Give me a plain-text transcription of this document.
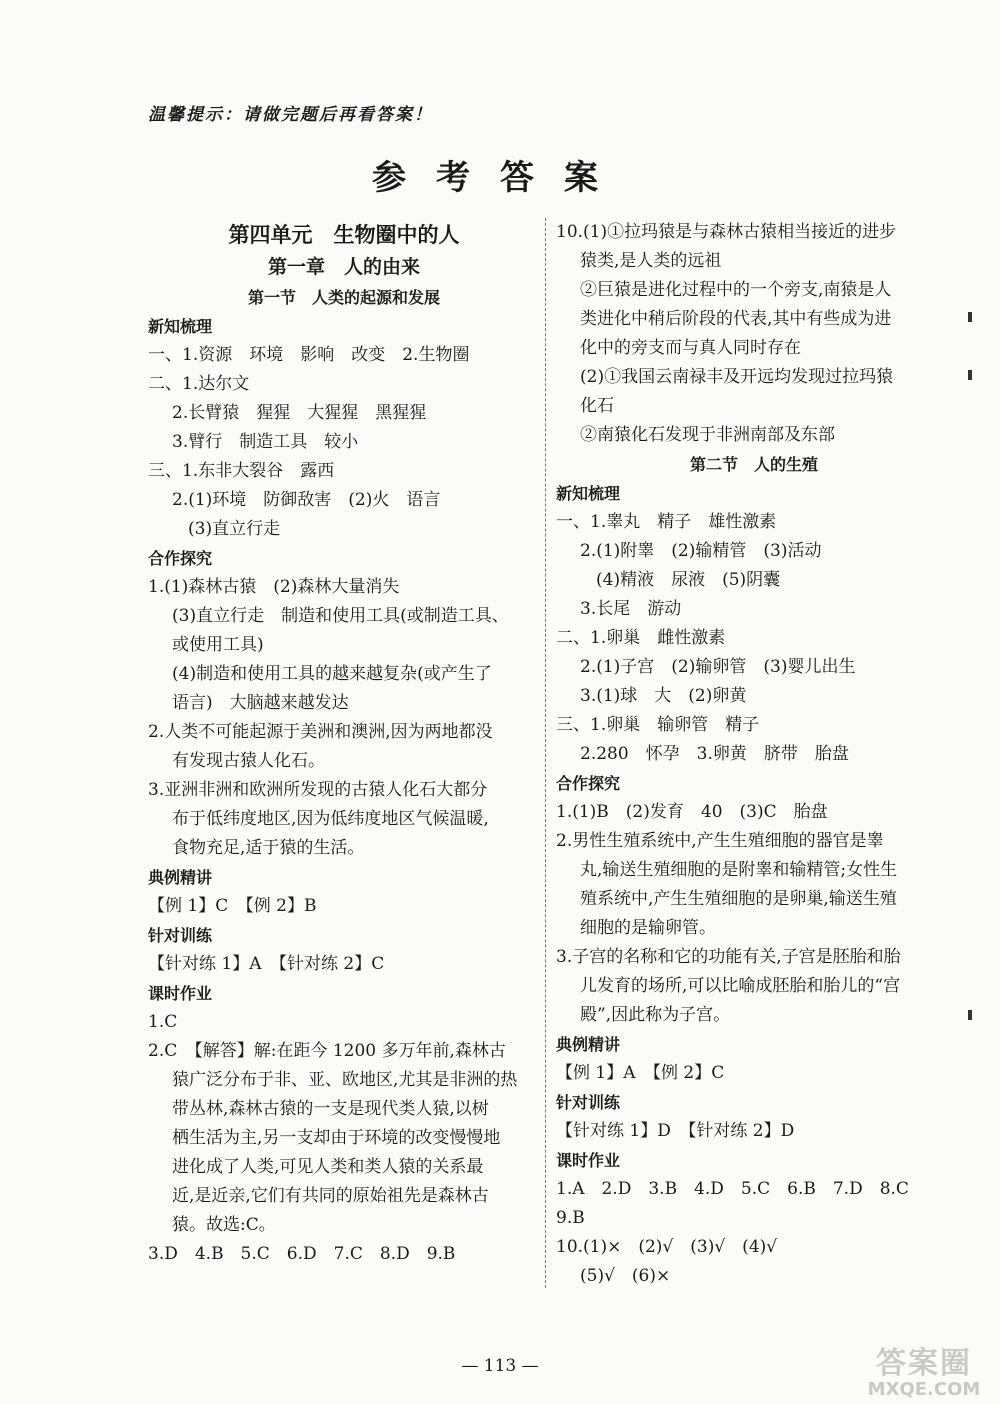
温馨提示：请做完题后再看答案！
参考答案
第四单元　生物圈中的人
第一章　人的由来
第一节　人类的起源和发展
新知梳理
一、1.资源　环境　影响　改变　2.生物圈
二、1.达尔文
2.长臂猿　猩猩　大猩猩　黑猩猩
3.臂行　制造工具　较小
三、1.东非大裂谷　露西
2.(1)环境　防御敌害　(2)火　语言
(3)直立行走
合作探究
1.(1)森林古猿　(2)森林大量消失
(3)直立行走　制造和使用工具(或制造工具、
或使用工具)
(4)制造和使用工具的越来越复杂(或产生了
语言)　大脑越来越发达
2.人类不可能起源于美洲和澳洲,因为两地都没
有发现古猿人化石。
3.亚洲非洲和欧洲所发现的古猿人化石大都分
布于低纬度地区,因为低纬度地区气候温暖,
食物充足,适于猿的生活。
典例精讲
【例 1】C　【例 2】B
针对训练
【针对练 1】A　【针对练 2】C
课时作业
1.C
2.C　【解答】解:在距今 1200 多万年前,森林古
猿广泛分布于非、亚、欧地区,尤其是非洲的热
带丛林,森林古猿的一支是现代类人猿,以树
栖生活为主,另一支却由于环境的改变慢慢地
进化成了人类,可见人类和类人猿的关系最
近,是近亲,它们有共同的原始祖先是森林古
猿。故选:C。
3.D　4.B　5.C　6.D　7.C　8.D　9.B
10.(1)①拉玛猿是与森林古猿相当接近的进步
猿类,是人类的远祖
②巨猿是进化过程中的一个旁支,南猿是人
类进化中稍后阶段的代表,其中有些成为进
化中的旁支而与真人同时存在
(2)①我国云南禄丰及开远均发现过拉玛猿
化石
②南猿化石发现于非洲南部及东部
第二节　人的生殖
新知梳理
一、1.睾丸　精子　雄性激素
2.(1)附睾　(2)输精管　(3)活动
(4)精液　尿液　(5)阴囊
3.长尾　游动
二、1.卵巢　雌性激素
2.(1)子宫　(2)输卵管　(3)婴儿出生
3.(1)球　大　(2)卵黄
三、1.卵巢　输卵管　精子
2.280　怀孕　3.卵黄　脐带　胎盘
合作探究
1.(1)B　(2)发育　40　(3)C　胎盘
2.男性生殖系统中,产生生殖细胞的器官是睾
丸,输送生殖细胞的是附睾和输精管;女性生
殖系统中,产生生殖细胞的是卵巢,输送生殖
细胞的是输卵管。
3.子宫的名称和它的功能有关,子宫是胚胎和胎
儿发育的场所,可以比喻成胚胎和胎儿的“宫
殿”,因此称为子宫。
典例精讲
【例 1】A　【例 2】C
针对训练
【针对练 1】D　【针对练 2】D
课时作业
1.A　2.D　3.B　4.D　5.C　6.B　7.D　8.C
9.B
10.(1)×　(2)√　(3)√　(4)√
(5)√　(6)×
— 113 —	答案圈
MXQE.COM
